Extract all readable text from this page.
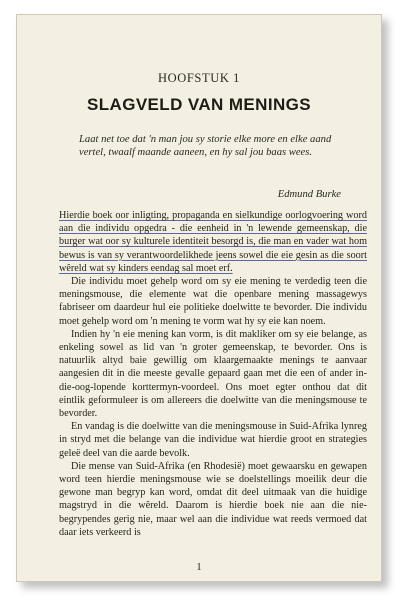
HOOFSTUK 1

SLAGVELD VAN MENINGS

Laat net toe dat 'n man jou sy storie elke more en elke aand vertel, twaalf maande aaneen, en hy sal jou baas wees.

Edmund Burke

Hierdie boek oor inligting, propaganda en sielkundige oorlogvoering word aan die individu opgedra - die eenheid in 'n lewende gemeenskap, die burger wat oor sy kulturele identiteit besorgd is, die man en vader wat hom bewus is van sy verantwoordelikhede jeens sowel die eie gesin as die soort wêreld wat sy kinders eendag sal moet erf.

Die individu moet gehelp word om sy eie mening te verdedig teen die meningsmouse, die elemente wat die openbare mening massagewys fabriseer om daardeur hul eie politieke doelwitte te bevorder. Die individu moet gehelp word om 'n mening te vorm wat hy sy eie kan noem.

Indien hy 'n eie mening kan vorm, is dit makliker om sy eie belange, as enkeling sowel as lid van 'n groter gemeenskap, te bevorder. Ons is natuurlik altyd baie gewillig om klaargemaakte menings te aanvaar aangesien dit in die meeste gevalle gepaard gaan met die een of ander in-die-oog-lopende korttermyn-voordeel. Ons moet egter onthou dat dit eintlik geformuleer is om allereers die doelwitte van die meningsmouse te bevorder.

En vandag is die doelwitte van die meningsmouse in Suid-Afrika lynreg in stryd met die belange van die individue wat hierdie groot en strategies geleë deel van die aarde bevolk.

Die mense van Suid-Afrika (en Rhodesië) moet gewaarsku en gewapen word teen hierdie meningsmouse wie se doelstellings moeilik deur die gewone man begryp kan word, omdat dit deel uitmaak van die huidige magstryd in die wêreld. Daarom is hierdie boek nie aan die nie-begrypendes gerig nie, maar wel aan die individue wat reeds vermoed dat daar iets verkeerd is

1
